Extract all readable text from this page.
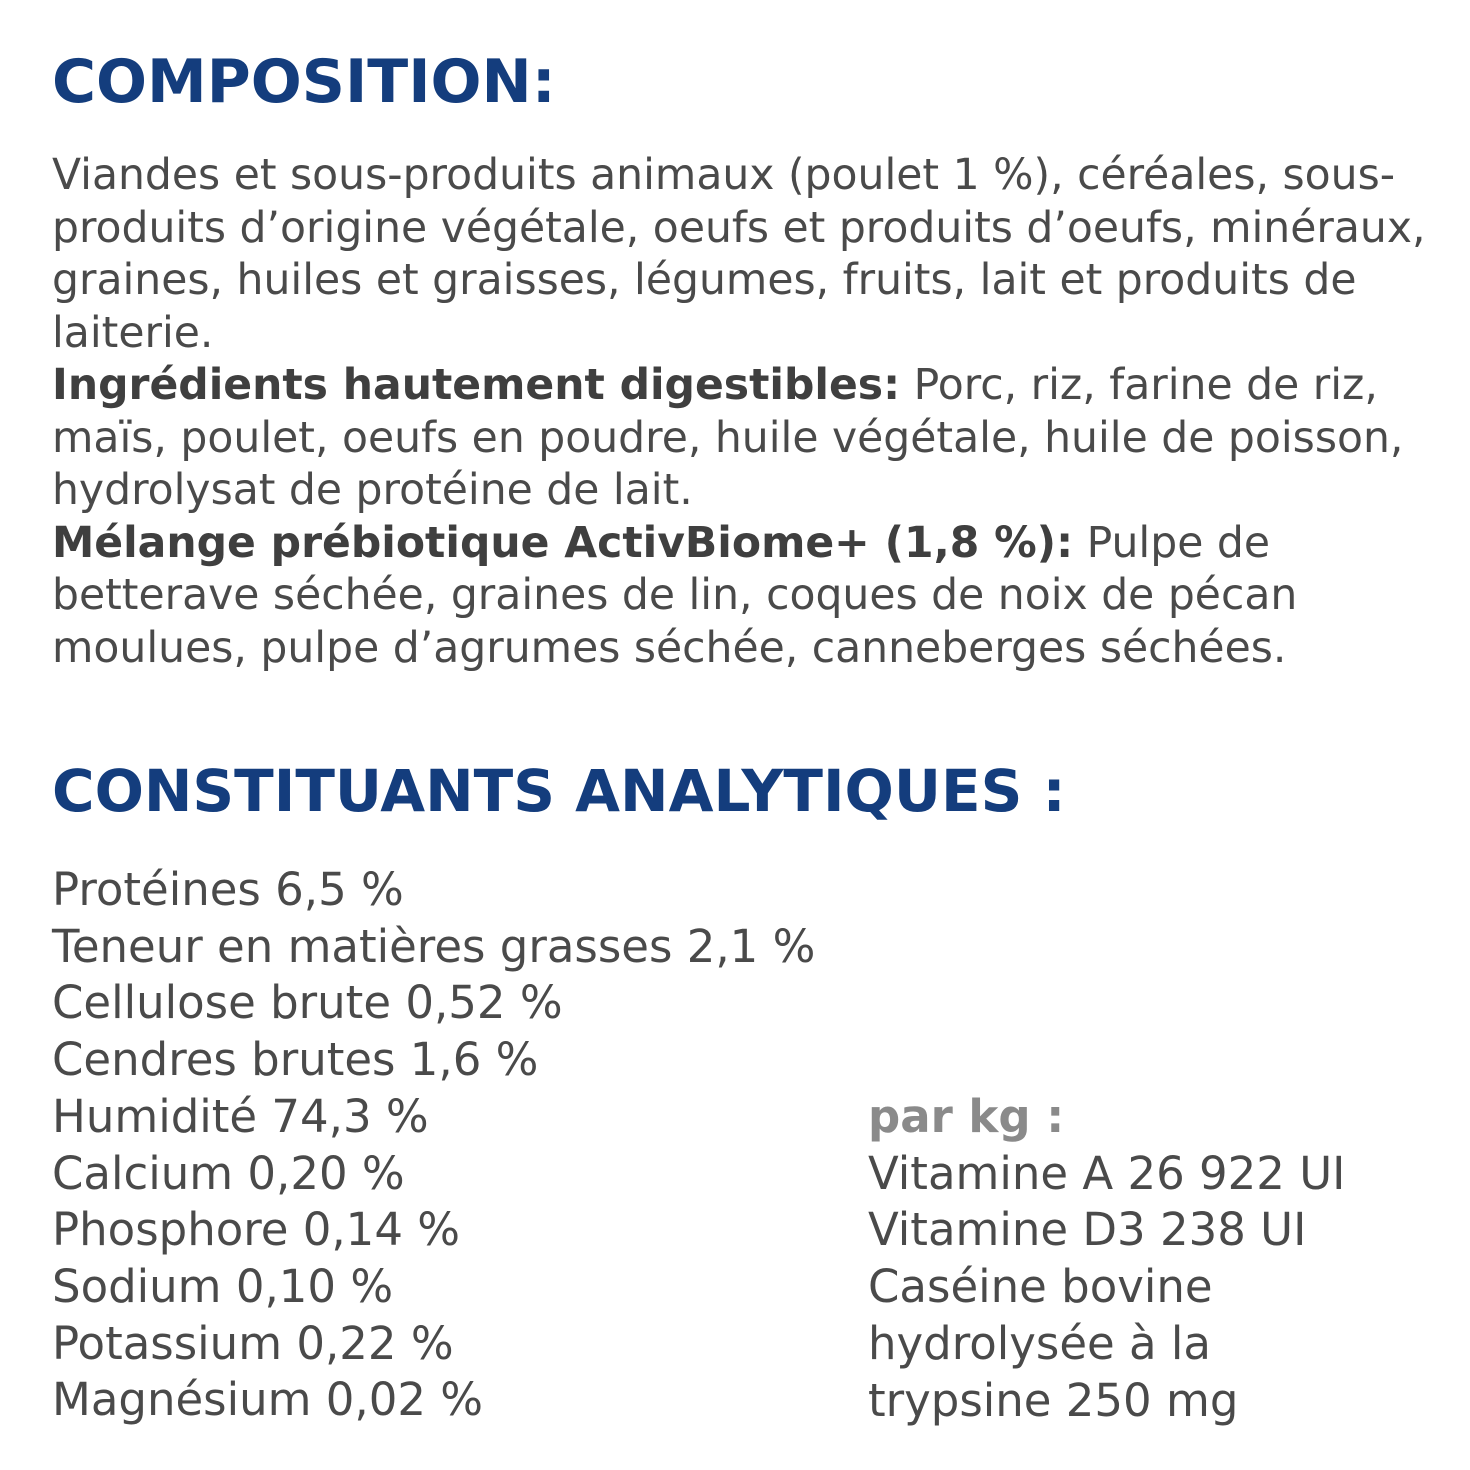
COMPOSITION:
Viandes et sous-produits animaux (poulet 1 %), céréales, sous-produits d’origine végétale, oeufs et produits d’oeufs, minéraux, graines, huiles et graisses, légumes, fruits, lait et produits de laiterie.
Ingrédients hautement digestibles: Porc, riz, farine de riz, maïs, poulet, oeufs en poudre, huile végétale, huile de poisson, hydrolysat de protéine de lait.
Mélange prébiotique ActivBiome+ (1,8 %): Pulpe de betterave séchée, graines de lin, coques de noix de pécan moulues, pulpe d’agrumes séchée, canneberges séchées.
CONSTITUANTS ANALYTIQUES :
Protéines 6,5 %
Teneur en matières grasses 2,1 %
Cellulose brute 0,52 %
Cendres brutes 1,6 %
Humidité 74,3 %
Calcium 0,20 %
Phosphore 0,14 %
Sodium 0,10 %
Potassium 0,22 %
Magnésium 0,02 %
par kg :
Vitamine A 26 922 UI
Vitamine D3 238 UI
Caséine bovine
hydrolysée à la
trypsine 250 mg
